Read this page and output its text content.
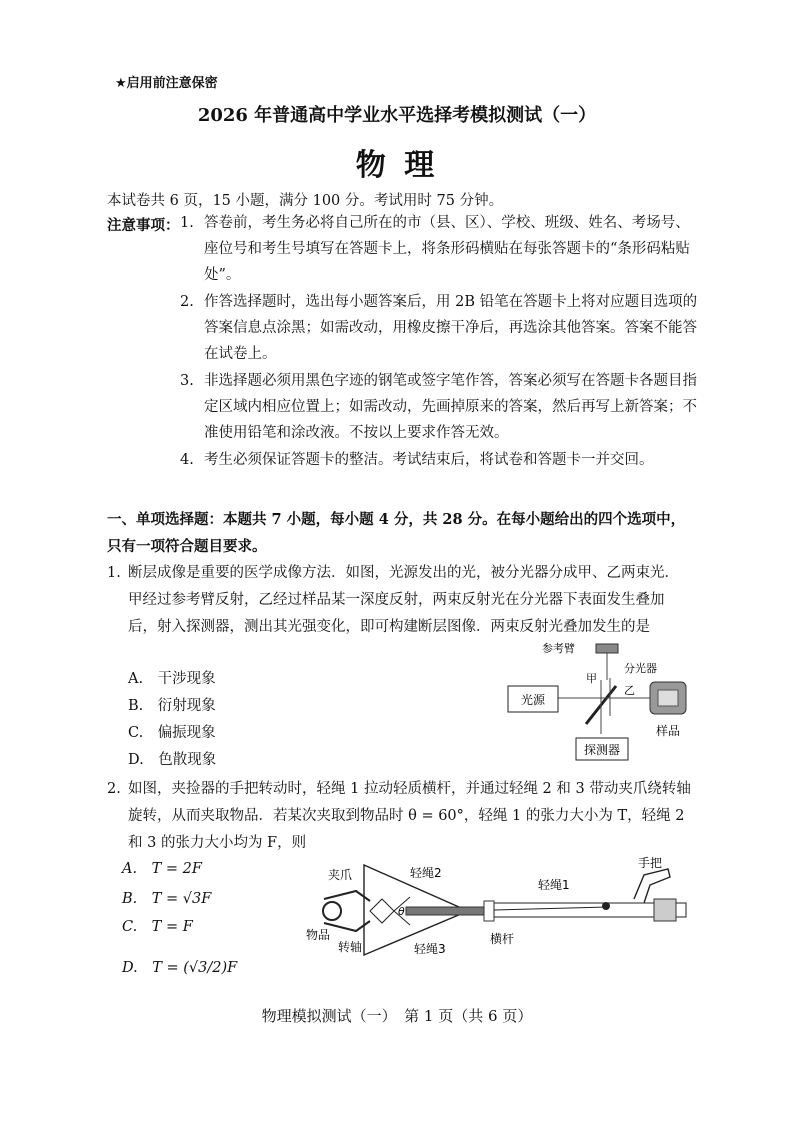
★启用前注意保密
2026 年普通高中学业水平选择考模拟测试（一）
物 理
本试卷共 6 页，15 小题，满分 100 分。考试用时 75 分钟。
注意事项： 1. 答卷前，考生务必将自己所在的市（县、区）、学校、班级、姓名、考场号、座位号和考生号填写在答题卡上，将条形码横贴在每张答题卡的“条形码粘贴处”。
2. 作答选择题时，选出每小题答案后，用 2B 铅笔在答题卡上将对应题目选项的答案信息点涂黑；如需改动，用橡皮擦干净后，再选涂其他答案。答案不能答在试卷上。
3. 非选择题必须用黑色字迹的钢笔或签字笔作答，答案必须写在答题卡各题目指定区域内相应位置上；如需改动，先画掉原来的答案，然后再写上新答案；不准使用铅笔和涂改液。不按以上要求作答无效。
4. 考生必须保证答题卡的整洁。考试结束后，将试卷和答题卡一并交回。
一、单项选择题：本题共 7 小题，每小题 4 分，共 28 分。在每小题给出的四个选项中，只有一项符合题目要求。
1. 断层成像是重要的医学成像方法．如图，光源发出的光，被分光器分成甲、乙两束光．甲经过参考臂反射，乙经过样品某一深度反射，两束反射光在分光器下表面发生叠加后，射入探测器，测出其光强变化，即可构建断层图像．两束反射光叠加发生的是
A.　干涉现象
B.　衍射现象
C.　偏振现象
D.　色散现象
光源
探测器
样品
参考臂
分光器
甲
乙
2. 如图，夹捡器的手把转动时，轻绳 1 拉动轻质横杆，并通过轻绳 2 和 3 带动夹爪绕转轴旋转，从而夹取物品．若某次夹取到物品时 θ = 60°，轻绳 1 的张力大小为 T，轻绳 2 和 3 的张力大小均为 F，则
A.　T = 2F
B.　T = √3F
C.　T = F
D.　T = (√3/2)F
夹爪	轻绳2
轻绳1
手把
物品
转轴	轻绳3
横杆
θ
物理模拟测试（一）　第 1 页（共 6 页）
